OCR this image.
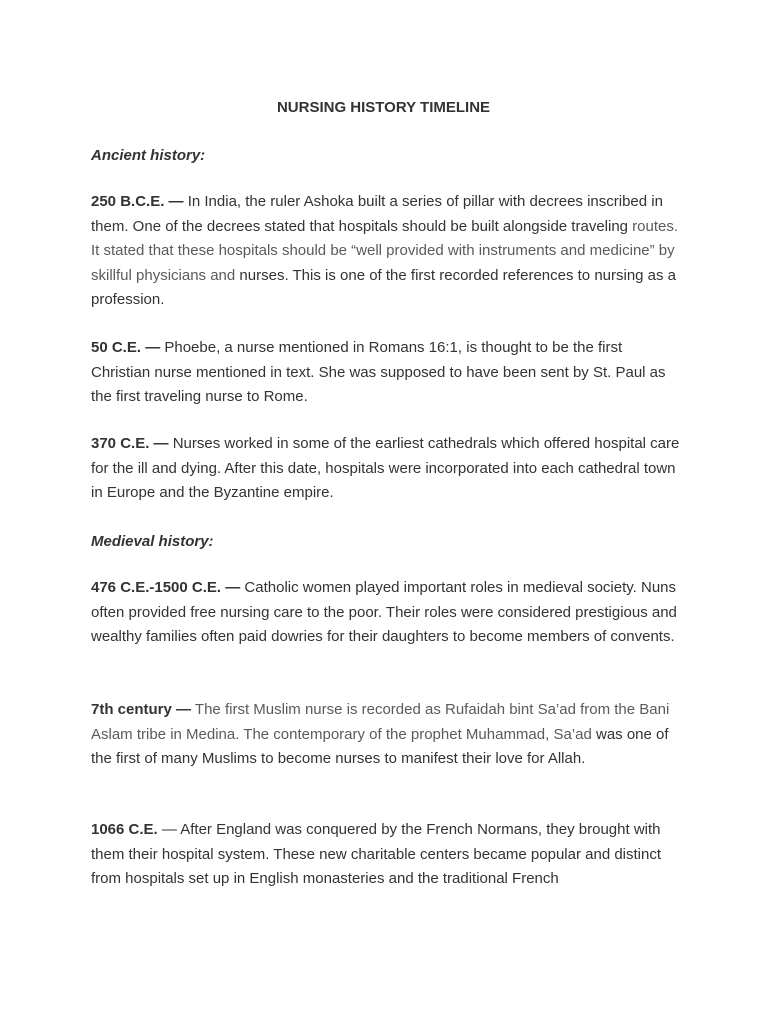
NURSING HISTORY TIMELINE
Ancient history:
250 B.C.E. — In India, the ruler Ashoka built a series of pillar with decrees inscribed in them. One of the decrees stated that hospitals should be built alongside traveling routes. It stated that these hospitals should be “well provided with instruments and medicine” by skillful physicians and nurses. This is one of the first recorded references to nursing as a profession.
50 C.E. — Phoebe, a nurse mentioned in Romans 16:1, is thought to be the first Christian nurse mentioned in text. She was supposed to have been sent by St. Paul as the first traveling nurse to Rome.
370 C.E. — Nurses worked in some of the earliest cathedrals which offered hospital care for the ill and dying. After this date, hospitals were incorporated into each cathedral town in Europe and the Byzantine empire.
Medieval history:
476 C.E.-1500 C.E. — Catholic women played important roles in medieval society. Nuns often provided free nursing care to the poor. Their roles were considered prestigious and wealthy families often paid dowries for their daughters to become members of convents.
7th century — The first Muslim nurse is recorded as Rufaidah bint Sa’ad from the Bani Aslam tribe in Medina. The contemporary of the prophet Muhammad, Sa’ad was one of the first of many Muslims to become nurses to manifest their love for Allah.
1066 C.E. — After England was conquered by the French Normans, they brought with them their hospital system. These new charitable centers became popular and distinct from hospitals set up in English monasteries and the traditional French
